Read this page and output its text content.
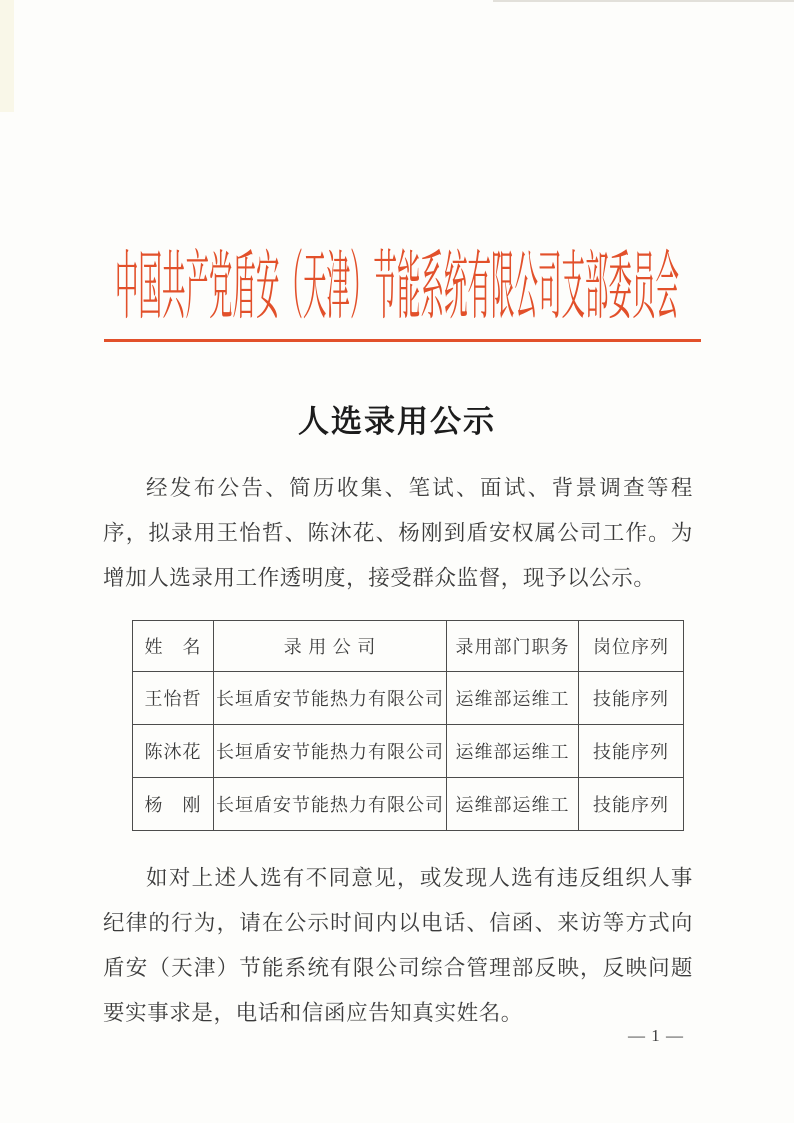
中国共产党盾安（天津）节能系统有限公司支部委员会
人选录用公示
经发布公告、简历收集、笔试、面试、背景调查等程序，拟录用王怡哲、陈沐花、杨刚到盾安权属公司工作。为增加人选录用工作透明度，接受群众监督，现予以公示。
姓　名	录 用 公 司	录用部门职务	岗位序列
王怡哲	长垣盾安节能热力有限公司	运维部运维工	技能序列
陈沐花	长垣盾安节能热力有限公司	运维部运维工	技能序列
杨　刚	长垣盾安节能热力有限公司	运维部运维工	技能序列
如对上述人选有不同意见，或发现人选有违反组织人事纪律的行为，请在公示时间内以电话、信函、来访等方式向盾安（天津）节能系统有限公司综合管理部反映，反映问题要实事求是，电话和信函应告知真实姓名。
— 1 —
